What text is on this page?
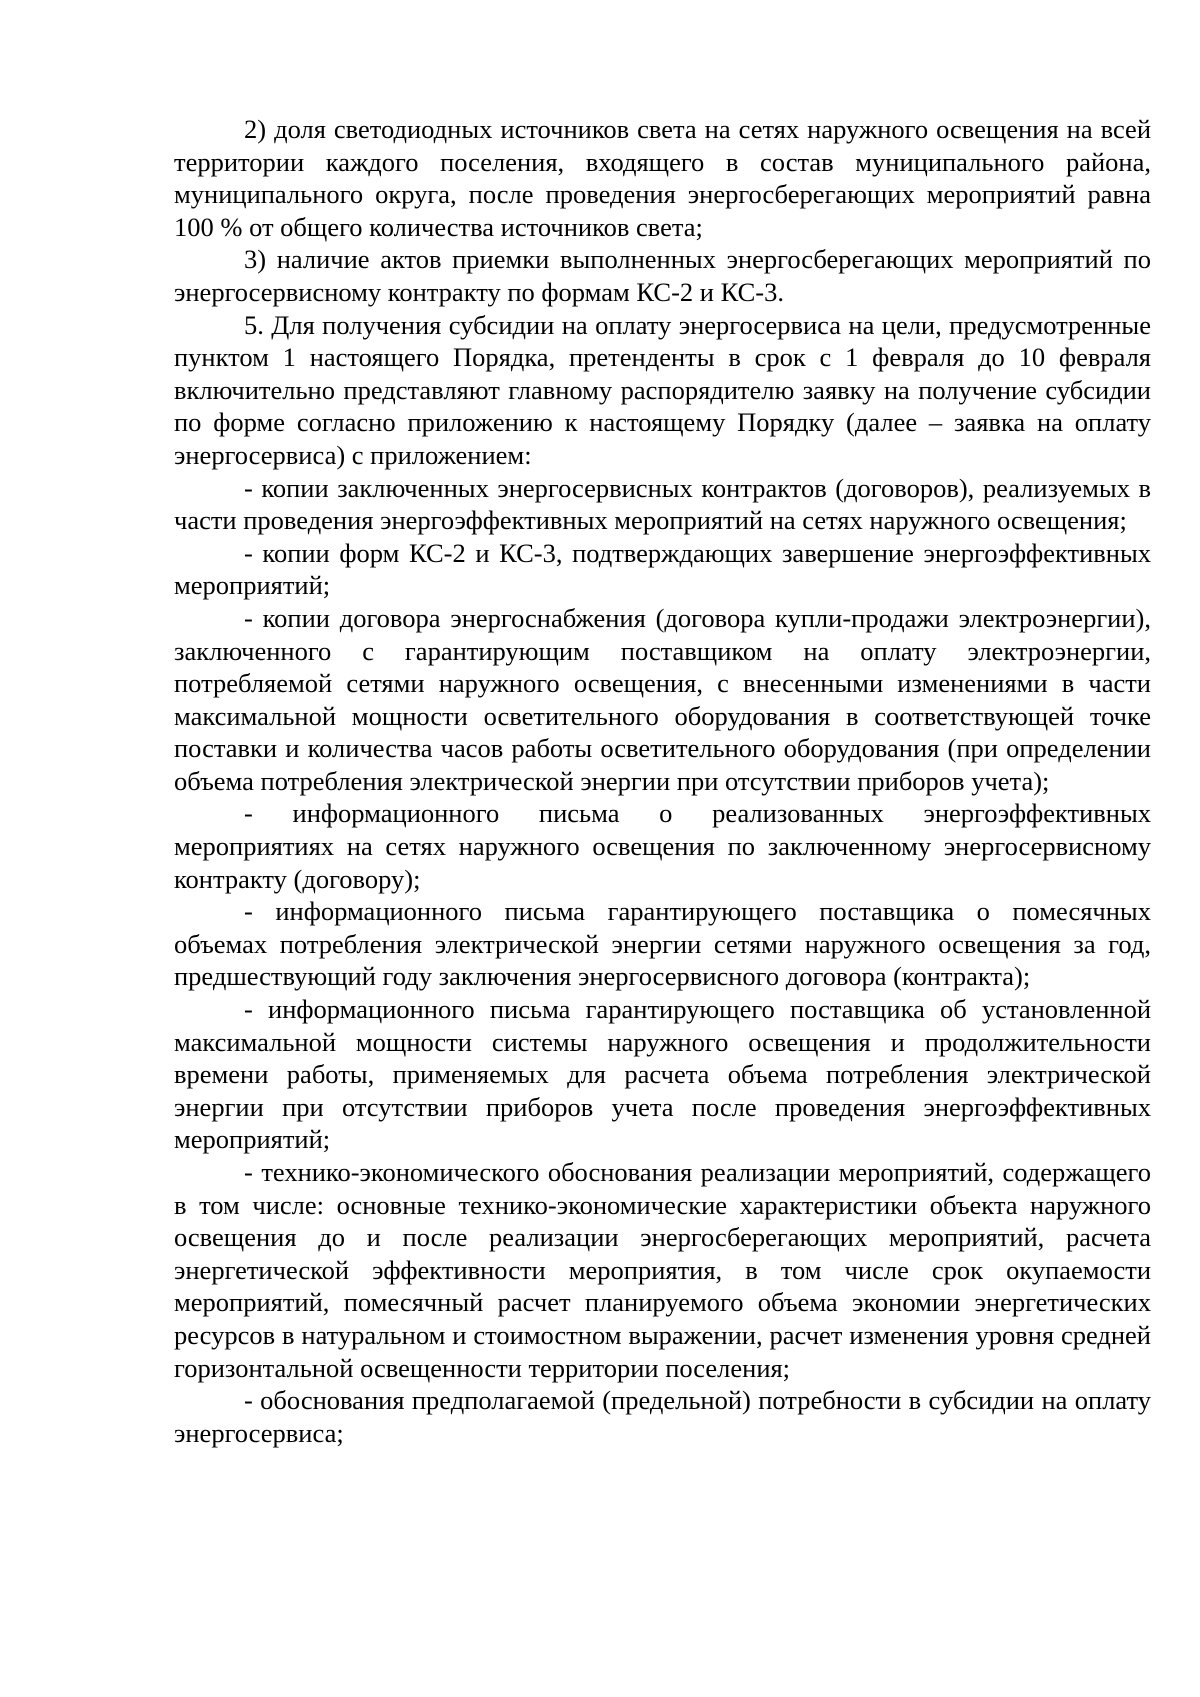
2) доля светодиодных источников света на сетях наружного освещения на всей территории каждого поселения, входящего в состав муниципального района, муниципального округа, после проведения энергосберегающих мероприятий равна 100 % от общего количества источников света;

3) наличие актов приемки выполненных энергосберегающих мероприятий по энергосервисному контракту по формам КС-2 и КС-3.

5. Для получения субсидии на оплату энергосервиса на цели, предусмотренные пунктом 1 настоящего Порядка, претенденты в срок с 1 февраля до 10 февраля включительно представляют главному распорядителю заявку на получение субсидии по форме согласно приложению к настоящему Порядку (далее – заявка на оплату энергосервиса) с приложением:

- копии заключенных энергосервисных контрактов (договоров), реализуемых в части проведения энергоэффективных мероприятий на сетях наружного освещения;

- копии форм КС-2 и КС-3, подтверждающих завершение энергоэффективных мероприятий;

- копии договора энергоснабжения (договора купли-продажи электроэнергии), заключенного с гарантирующим поставщиком на оплату электроэнергии, потребляемой сетями наружного освещения, с внесенными изменениями в части максимальной мощности осветительного оборудования в соответствующей точке поставки и количества часов работы осветительного оборудования (при определении объема потребления электрической энергии при отсутствии приборов учета);

- информационного письма о реализованных энергоэффективных мероприятиях на сетях наружного освещения по заключенному энергосервисному контракту (договору);

- информационного письма гарантирующего поставщика о помесячных объемах потребления электрической энергии сетями наружного освещения за год, предшествующий году заключения энергосервисного договора (контракта);

- информационного письма гарантирующего поставщика об установленной максимальной мощности системы наружного освещения и продолжительности времени работы, применяемых для расчета объема потребления электрической энергии при отсутствии приборов учета после проведения энергоэффективных мероприятий;

- технико-экономического обоснования реализации мероприятий, содержащего в том числе: основные технико-экономические характеристики объекта наружного освещения до и после реализации энергосберегающих мероприятий, расчета энергетической эффективности мероприятия, в том числе срок окупаемости мероприятий, помесячный расчет планируемого объема экономии энергетических ресурсов в натуральном и стоимостном выражении, расчет изменения уровня средней горизонтальной освещенности территории поселения;

- обоснования предполагаемой (предельной) потребности в субсидии на оплату энергосервиса;
